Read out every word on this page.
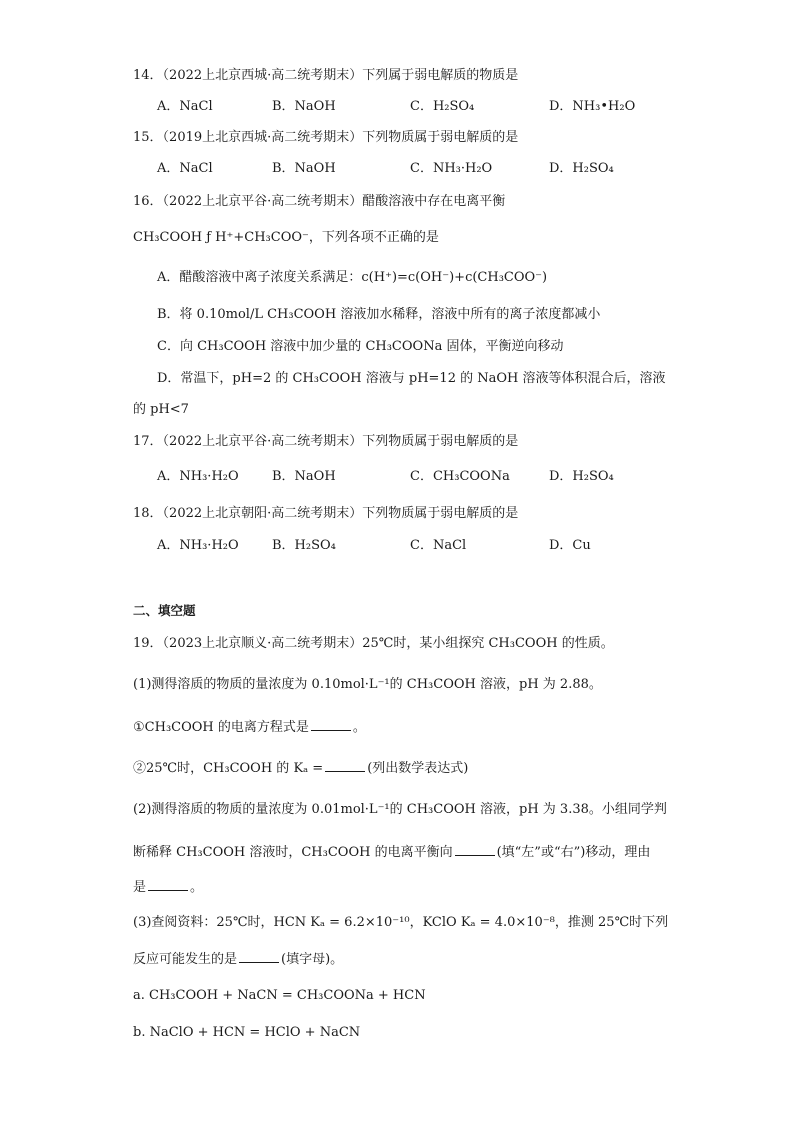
14．（2022上北京西城·高二统考期末）下列属于弱电解质的物质是
A．NaCl	B．NaOH	C．H₂SO₄	D．NH₃•H₂O
15．（2019上北京西城·高二统考期末）下列物质属于弱电解质的是
A．NaCl	B．NaOH	C．NH₃·H₂O	D．H₂SO₄
16．（2022上北京平谷·高二统考期末）醋酸溶液中存在电离平衡
CH₃COOH ƒ H⁺+CH₃COO⁻，下列各项不正确的是
A．醋酸溶液中离子浓度关系满足：c(H⁺)=c(OH⁻)+c(CH₃COO⁻)
B．将 0.10mol/L CH₃COOH 溶液加水稀释，溶液中所有的离子浓度都减小
C．向 CH₃COOH 溶液中加少量的 CH₃COONa 固体，平衡逆向移动
D．常温下，pH=2 的 CH₃COOH 溶液与 pH=12 的 NaOH 溶液等体积混合后，溶液
的 pH<7
17．（2022上北京平谷·高二统考期末）下列物质属于弱电解质的是
A．NH₃·H₂O	B．NaOH	C．CH₃COONa	D．H₂SO₄
18．（2022上北京朝阳·高二统考期末）下列物质属于弱电解质的是
A．NH₃·H₂O	B．H₂SO₄	C．NaCl	D．Cu
二、填空题
19．（2023上北京顺义·高二统考期末）25℃时，某小组探究 CH₃COOH 的性质。
(1)测得溶质的物质的量浓度为 0.10mol·L⁻¹的 CH₃COOH 溶液，pH 为 2.88。
①CH₃COOH 的电离方程式是	。
②25℃时，CH₃COOH 的 Kₐ =	(列出数学表达式)
(2)测得溶质的物质的量浓度为 0.01mol·L⁻¹的 CH₃COOH 溶液，pH 为 3.38。小组同学判
断稀释 CH₃COOH 溶液时，CH₃COOH 的电离平衡向	(填“左”或“右”)移动，理由
是	。
(3)查阅资料：25℃时，HCN Kₐ = 6.2×10⁻¹⁰，KClO Kₐ = 4.0×10⁻⁸，推测 25℃时下列
反应可能发生的是	(填字母)。
a. CH₃COOH + NaCN = CH₃COONa + HCN
b. NaClO + HCN = HClO + NaCN
